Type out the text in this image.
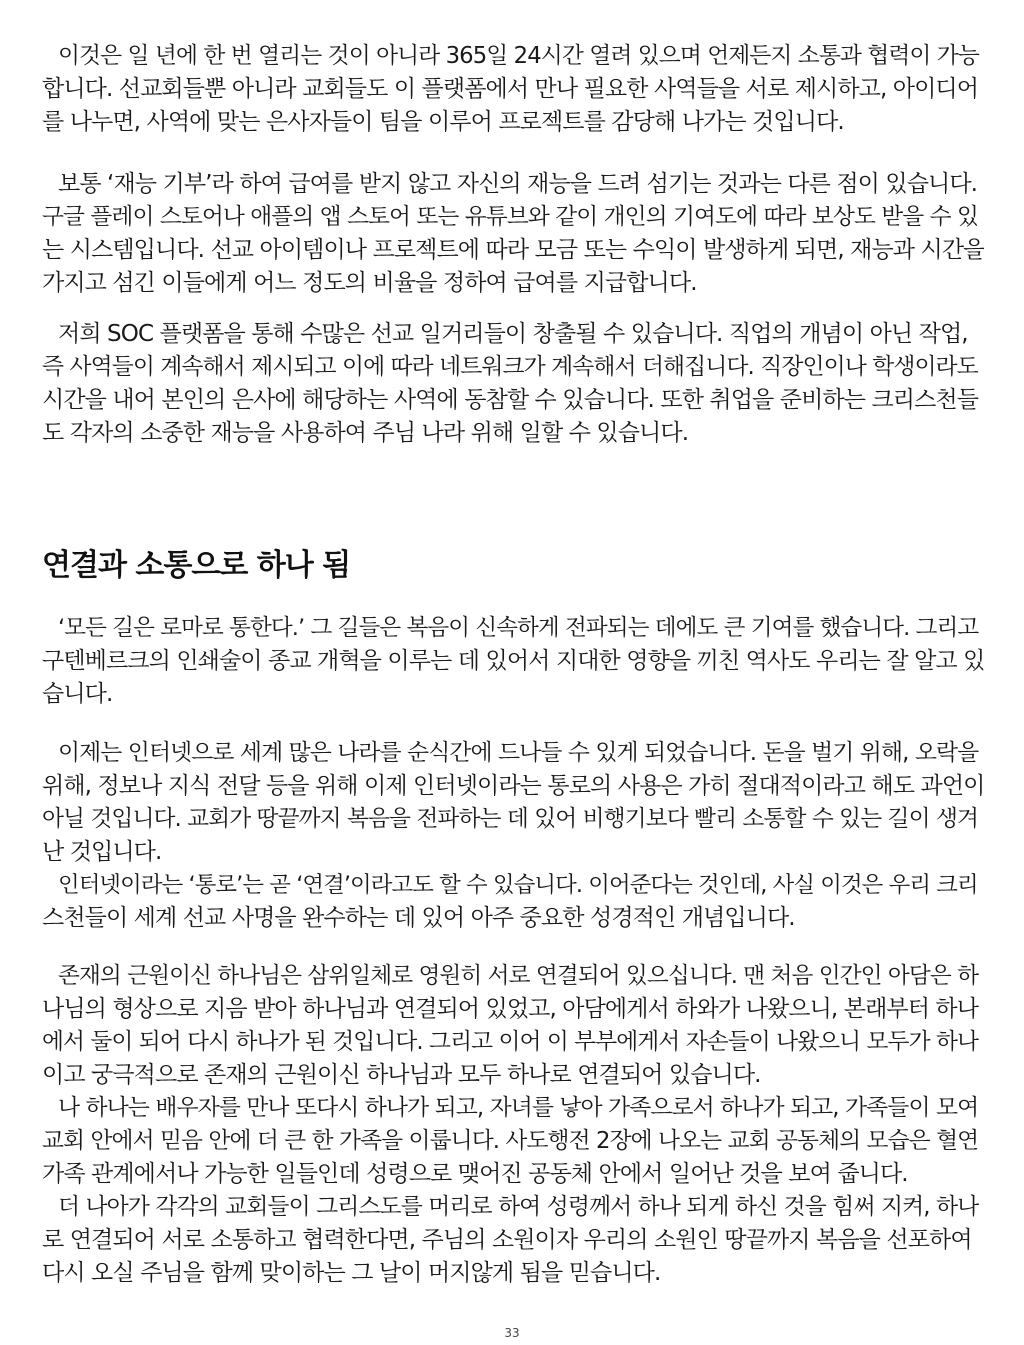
이것은 일 년에 한 번 열리는 것이 아니라 365일 24시간 열려 있으며 언제든지 소통과 협력이 가능
합니다. 선교회들뿐 아니라 교회들도 이 플랫폼에서 만나 필요한 사역들을 서로 제시하고, 아이디어
를 나누면, 사역에 맞는 은사자들이 팀을 이루어 프로젝트를 감당해 나가는 것입니다.

보통 ‘재능 기부’라 하여 급여를 받지 않고 자신의 재능을 드려 섬기는 것과는 다른 점이 있습니다.
구글 플레이 스토어나 애플의 앱 스토어 또는 유튜브와 같이 개인의 기여도에 따라 보상도 받을 수 있
는 시스템입니다. 선교 아이템이나 프로젝트에 따라 모금 또는 수익이 발생하게 되면, 재능과 시간을
가지고 섬긴 이들에게 어느 정도의 비율을 정하여 급여를 지급합니다.

저희 SOC 플랫폼을 통해 수많은 선교 일거리들이 창출될 수 있습니다. 직업의 개념이 아닌 작업,
즉 사역들이 계속해서 제시되고 이에 따라 네트워크가 계속해서 더해집니다. 직장인이나 학생이라도
시간을 내어 본인의 은사에 해당하는 사역에 동참할 수 있습니다. 또한 취업을 준비하는 크리스천들
도 각자의 소중한 재능을 사용하여 주님 나라 위해 일할 수 있습니다.

연결과 소통으로 하나 됨

‘모든 길은 로마로 통한다.’ 그 길들은 복음이 신속하게 전파되는 데에도 큰 기여를 했습니다. 그리고
구텐베르크의 인쇄술이 종교 개혁을 이루는 데 있어서 지대한 영향을 끼친 역사도 우리는 잘 알고 있
습니다.

이제는 인터넷으로 세계 많은 나라를 순식간에 드나들 수 있게 되었습니다. 돈을 벌기 위해, 오락을
위해, 정보나 지식 전달 등을 위해 이제 인터넷이라는 통로의 사용은 가히 절대적이라고 해도 과언이
아닐 것입니다. 교회가 땅끝까지 복음을 전파하는 데 있어 비행기보다 빨리 소통할 수 있는 길이 생겨
난 것입니다.

인터넷이라는 ‘통로’는 곧 ‘연결’이라고도 할 수 있습니다. 이어준다는 것인데, 사실 이것은 우리 크리
스천들이 세계 선교 사명을 완수하는 데 있어 아주 중요한 성경적인 개념입니다.

존재의 근원이신 하나님은 삼위일체로 영원히 서로 연결되어 있으십니다. 맨 처음 인간인 아담은 하
나님의 형상으로 지음 받아 하나님과 연결되어 있었고, 아담에게서 하와가 나왔으니, 본래부터 하나
에서 둘이 되어 다시 하나가 된 것입니다. 그리고 이어 이 부부에게서 자손들이 나왔으니 모두가 하나
이고 궁극적으로 존재의 근원이신 하나님과 모두 하나로 연결되어 있습니다.

나 하나는 배우자를 만나 또다시 하나가 되고, 자녀를 낳아 가족으로서 하나가 되고, 가족들이 모여
교회 안에서 믿음 안에 더 큰 한 가족을 이룹니다. 사도행전 2장에 나오는 교회 공동체의 모습은 혈연
가족 관계에서나 가능한 일들인데 성령으로 맺어진 공동체 안에서 일어난 것을 보여 줍니다.

더 나아가 각각의 교회들이 그리스도를 머리로 하여 성령께서 하나 되게 하신 것을 힘써 지켜, 하나
로 연결되어 서로 소통하고 협력한다면, 주님의 소원이자 우리의 소원인 땅끝까지 복음을 선포하여
다시 오실 주님을 함께 맞이하는 그 날이 머지않게 됨을 믿습니다.

33
